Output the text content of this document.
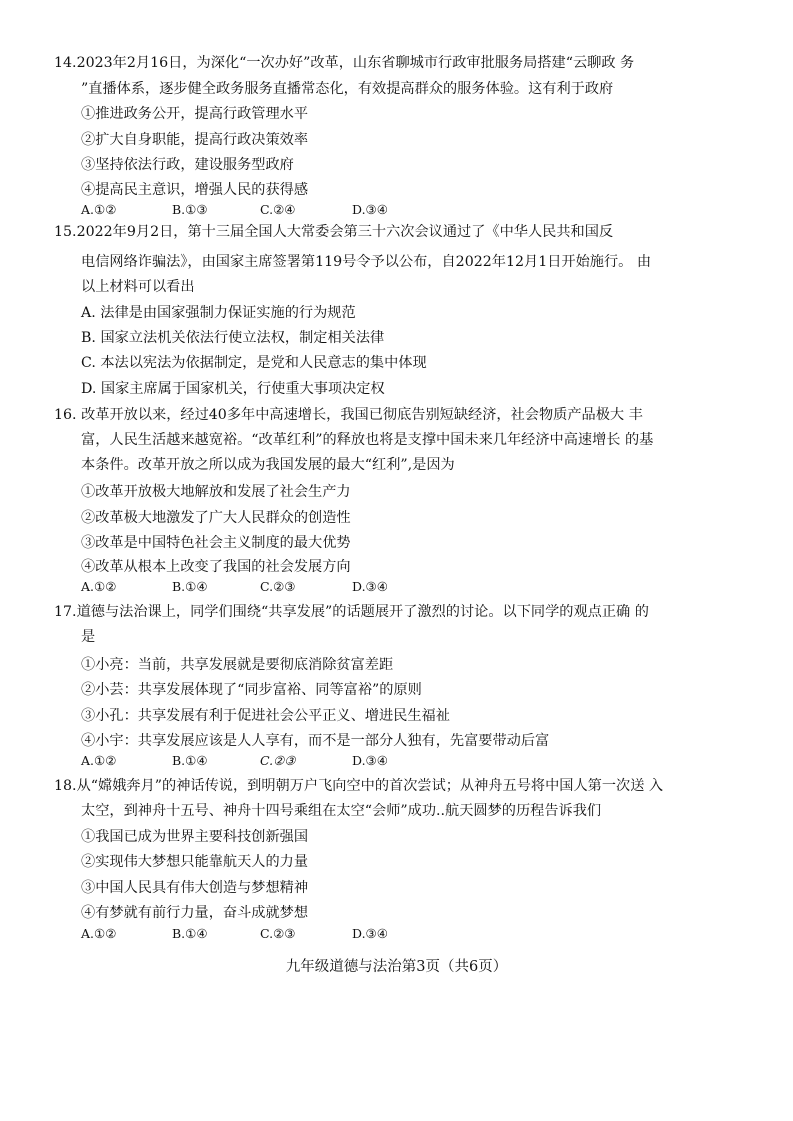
14.2023年2月16日，为深化“一次办好”改革，山东省聊城市行政审批服务局搭建“云聊政 务
”直播体系，逐步健全政务服务直播常态化，有效提高群众的服务体验。这有利于政府
①推进政务公开，提高行政管理水平
②扩大自身职能，提高行政决策效率
③坚持依法行政，建设服务型政府
④提高民主意识，增强人民的获得感
A.①②	B.①③	C.②④	D.③④
15.2022年9月2日，第十三届全国人大常委会第三十六次会议通过了《中华人民共和国反
电信网络诈骗法》，由国家主席签署第119号令予以公布，自2022年12月1日开始施行。 由
以上材料可以看出
A. 法律是由国家强制力保证实施的行为规范
B. 国家立法机关依法行使立法权，制定相关法律
C. 本法以宪法为依据制定，是党和人民意志的集中体现
D. 国家主席属于国家机关，行使重大事项决定权
16. 改革开放以来，经过40多年中高速增长，我国已彻底告别短缺经济，社会物质产品极大 丰
富，人民生活越来越宽裕。“改革红利”的释放也将是支撑中国未来几年经济中高速增长 的基
本条件。改革开放之所以成为我国发展的最大“红利”,是因为
①改革开放极大地解放和发展了社会生产力
②改革极大地激发了广大人民群众的创造性
③改革是中国特色社会主义制度的最大优势
④改革从根本上改变了我国的社会发展方向
A.①②	B.①④	C.②③	D.③④
17.道德与法治课上，同学们围绕“共享发展”的话题展开了激烈的讨论。以下同学的观点正确 的
是
①小亮：当前，共享发展就是要彻底消除贫富差距
②小芸：共享发展体现了“同步富裕、同等富裕”的原则
③小孔：共享发展有利于促进社会公平正义、增进民生福祉
④小宇：共享发展应该是人人享有，而不是一部分人独有，先富要带动后富
A.①②	B.①④	C.②③	D.③④
18.从“嫦娥奔月”的神话传说，到明朝万户飞向空中的首次尝试；从神舟五号将中国人第一次送 入
太空，到神舟十五号、神舟十四号乘组在太空“会师”成功..航天圆梦的历程告诉我们
①我国已成为世界主要科技创新强国
②实现伟大梦想只能靠航天人的力量
③中国人民具有伟大创造与梦想精神
④有梦就有前行力量，奋斗成就梦想
A.①②	B.①④	C.②③	D.③④
九年级道德与法治第3页（共6页）
